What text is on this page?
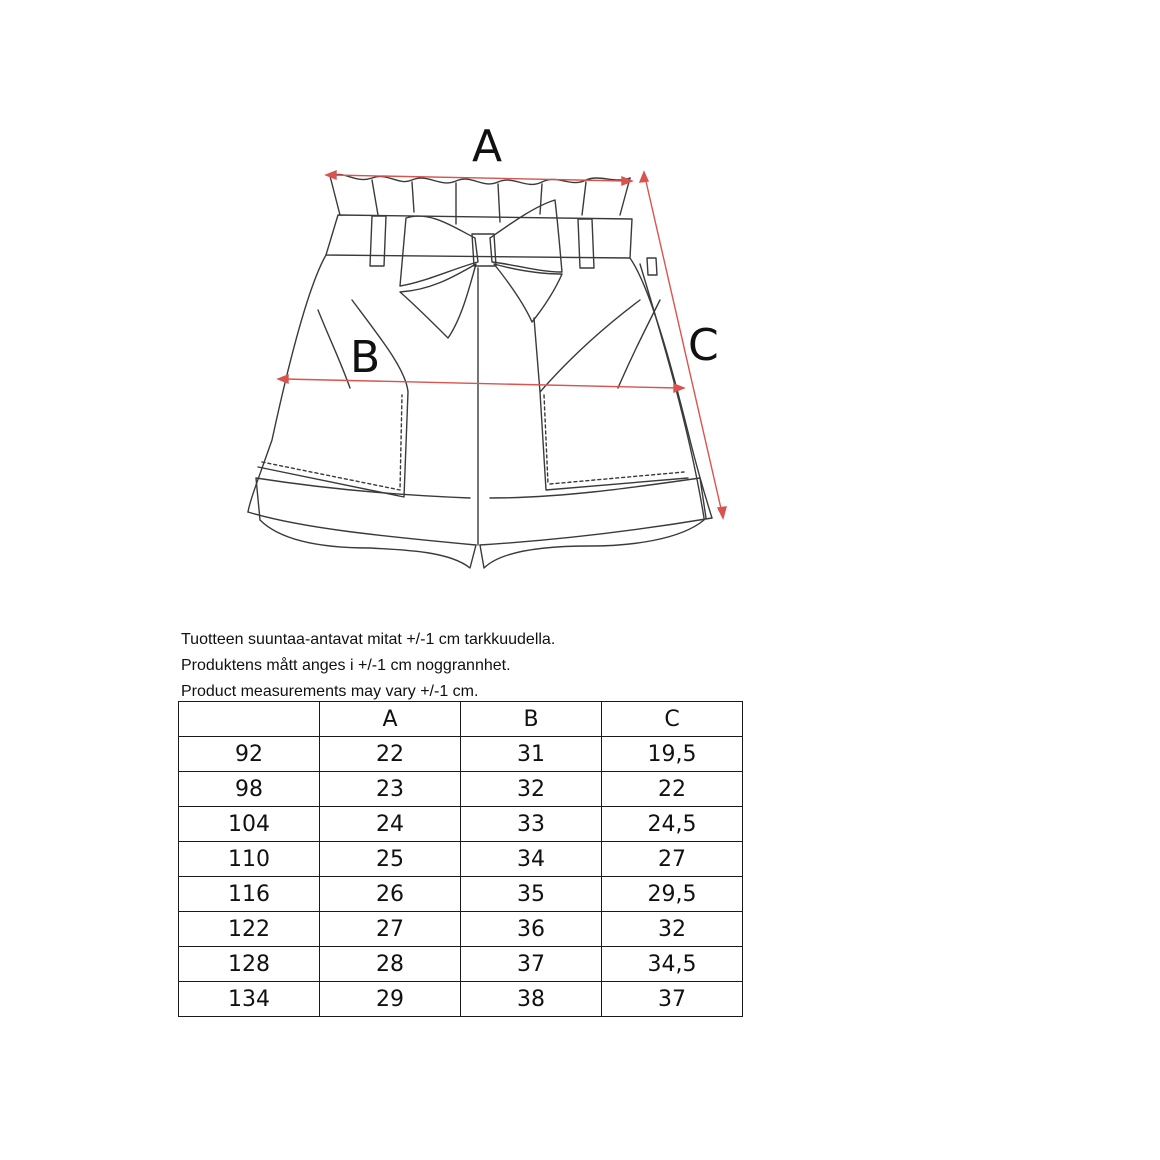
A
B	C
Tuotteen suuntaa-antavat mitat +/-1 cm tarkkuudella.
Produktens mått anges i +/-1 cm noggrannhet.
Product measurements may vary +/-1 cm.
	A	B	C
92	22	31	19,5
98	23	32	22
104	24	33	24,5
110	25	34	27
116	26	35	29,5
122	27	36	32
128	28	37	34,5
134	29	38	37
